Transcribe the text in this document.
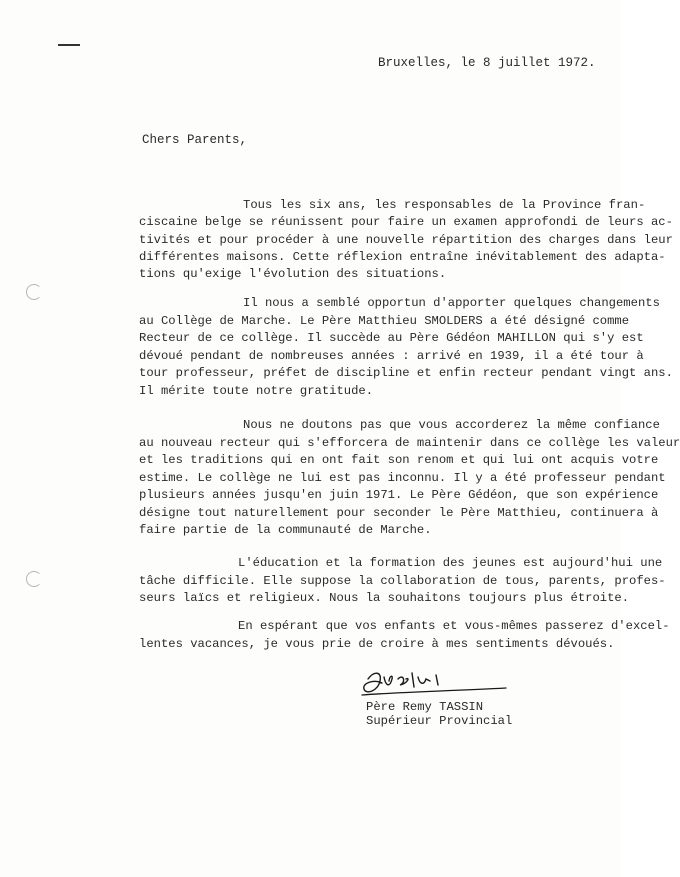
Bruxelles, le 8 juillet 1972.
Chers Parents,
Tous les six ans, les responsables de la Province fran-
ciscaine belge se réunissent pour faire un examen approfondi de leurs ac-
tivités et pour procéder à une nouvelle répartition des charges dans leur
différentes maisons. Cette réflexion entraîne inévitablement des adapta-
tions qu'exige l'évolution des situations.
Il nous a semblé opportun d'apporter quelques changements
au Collège de Marche. Le Père Matthieu SMOLDERS a été désigné comme
Recteur de ce collège. Il succède au Père Gédéon MAHILLON qui s'y est
dévoué pendant de nombreuses années : arrivé en 1939, il a été tour à
tour professeur, préfet de discipline et enfin recteur pendant vingt ans.
Il mérite toute notre gratitude.
Nous ne doutons pas que vous accorderez la même confiance
au nouveau recteur qui s'efforcera de maintenir dans ce collège les valeur
et les traditions qui en ont fait son renom et qui lui ont acquis votre
estime. Le collège ne lui est pas inconnu. Il y a été professeur pendant
plusieurs années jusqu'en juin 1971. Le Père Gédéon, que son expérience
désigne tout naturellement pour seconder le Père Matthieu, continuera à
faire partie de la communauté de Marche.
L'éducation et la formation des jeunes est aujourd'hui une
tâche difficile. Elle suppose la collaboration de tous, parents, profes-
seurs laïcs et religieux. Nous la souhaitons toujours plus étroite.
En espérant que vos enfants et vous-mêmes passerez d'excel-
lentes vacances, je vous prie de croire à mes sentiments dévoués.
Père Remy TASSIN
Supérieur Provincial
